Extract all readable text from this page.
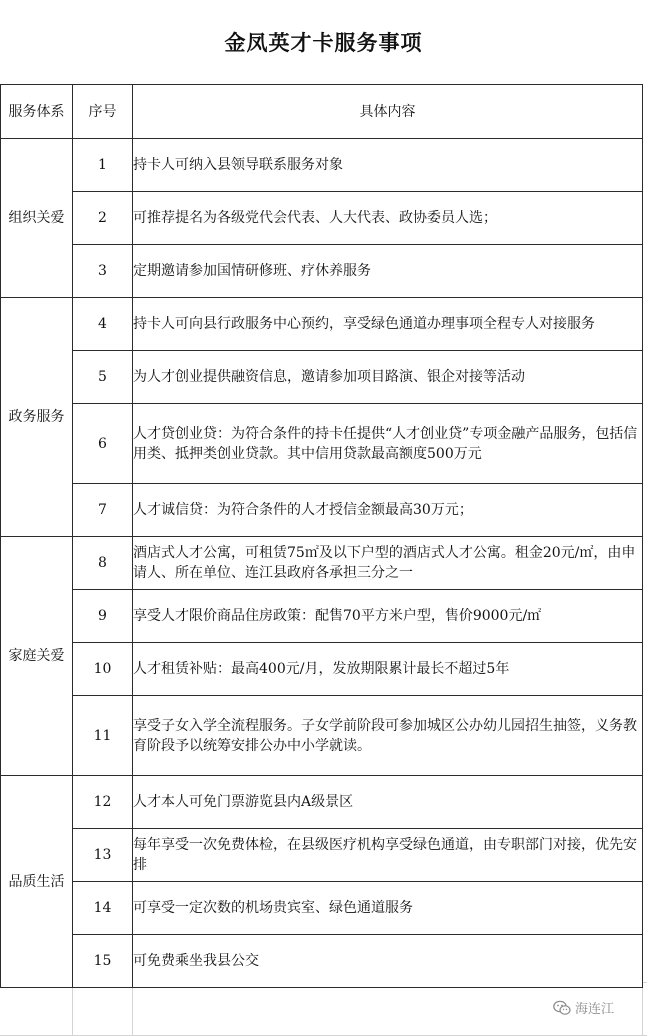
金凤英才卡服务事项
服务体系	序号	具体内容
组织关爱	1	持卡人可纳入县领导联系服务对象
	2	可推荐提名为各级党代会代表、人大代表、政协委员人选；
	3	定期邀请参加国情研修班、疗休养服务
政务服务	4	持卡人可向县行政服务中心预约，享受绿色通道办理事项全程专人对接服务
	5	为人才创业提供融资信息，邀请参加项目路演、银企对接等活动
	6	人才贷创业贷：为符合条件的持卡任提供“人才创业贷”专项金融产品服务，包括信用类、抵押类创业贷款。其中信用贷款最高额度500万元
	7	人才诚信贷：为符合条件的人才授信金额最高30万元；
家庭关爱	8	酒店式人才公寓，可租赁75㎡及以下户型的酒店式人才公寓。租金20元/㎡，由申请人、所在单位、连江县政府各承担三分之一
	9	享受人才限价商品住房政策：配售70平方米户型，售价9000元/㎡
	10	人才租赁补贴：最高400元/月，发放期限累计最长不超过5年
	11	享受子女入学全流程服务。子女学前阶段可参加城区公办幼儿园招生抽签，义务教育阶段予以统筹安排公办中小学就读。
品质生活	12	人才本人可免门票游览县内A级景区
	13	每年享受一次免费体检，在县级医疗机构享受绿色通道，由专职部门对接，优先安排
	14	可享受一定次数的机场贵宾室、绿色通道服务
	15	可免费乘坐我县公交
海连江
